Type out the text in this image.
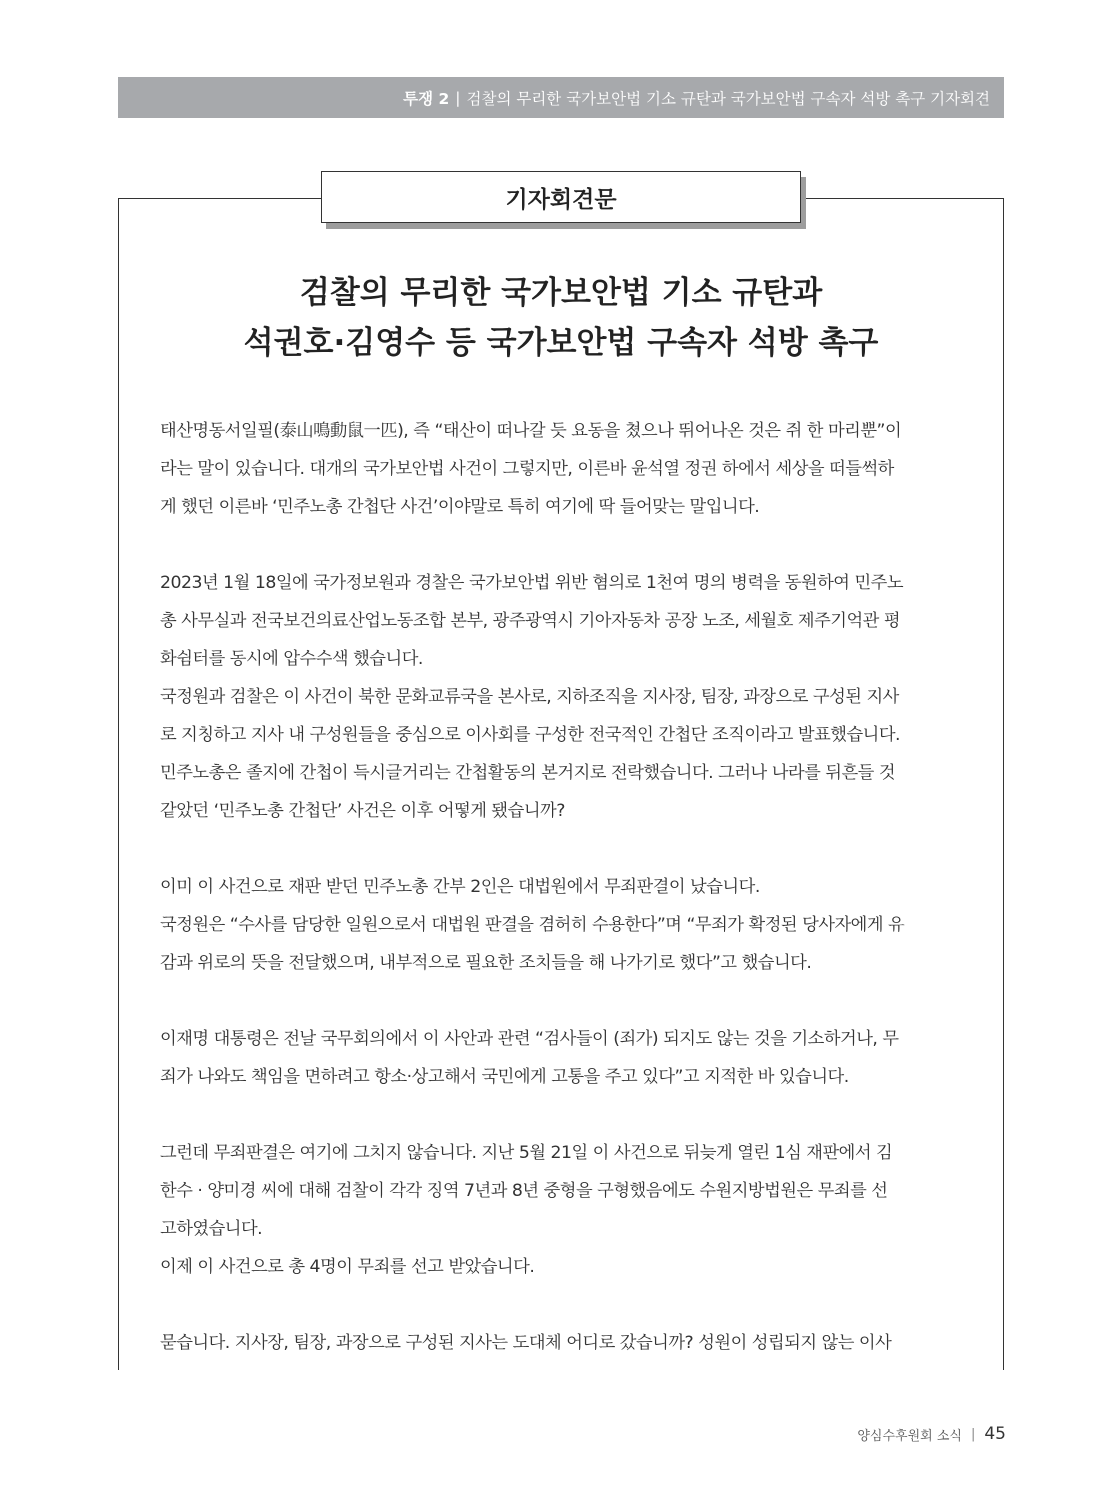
투쟁 2 | 검찰의 무리한 국가보안법 기소 규탄과 국가보안법 구속자 석방 촉구 기자회견
기자회견문
검찰의 무리한 국가보안법 기소 규탄과
석권호·김영수 등 국가보안법 구속자 석방 촉구
태산명동서일필(泰山鳴動鼠一匹), 즉 “태산이 떠나갈 듯 요동을 쳤으나 뛰어나온 것은 쥐 한 마리뿐”이
라는 말이 있습니다. 대개의 국가보안법 사건이 그렇지만, 이른바 윤석열 정권 하에서 세상을 떠들썩하
게 했던 이른바 ‘민주노총 간첩단 사건’이야말로 특히 여기에 딱 들어맞는 말입니다.
2023년 1월 18일에 국가정보원과 경찰은 국가보안법 위반 혐의로 1천여 명의 병력을 동원하여 민주노
총 사무실과 전국보건의료산업노동조합 본부, 광주광역시 기아자동차 공장 노조, 세월호 제주기억관 평
화쉼터를 동시에 압수수색 했습니다.
국정원과 검찰은 이 사건이 북한 문화교류국을 본사로, 지하조직을 지사장, 팀장, 과장으로 구성된 지사
로 지칭하고 지사 내 구성원들을 중심으로 이사회를 구성한 전국적인 간첩단 조직이라고 발표했습니다.
민주노총은 졸지에 간첩이 득시글거리는 간첩활동의 본거지로 전락했습니다. 그러나 나라를 뒤흔들 것
같았던 ‘민주노총 간첩단’ 사건은 이후 어떻게 됐습니까?
이미 이 사건으로 재판 받던 민주노총 간부 2인은 대법원에서 무죄판결이 났습니다.
국정원은 “수사를 담당한 일원으로서 대법원 판결을 겸허히 수용한다”며 “무죄가 확정된 당사자에게 유
감과 위로의 뜻을 전달했으며, 내부적으로 필요한 조치들을 해 나가기로 했다”고 했습니다.
이재명 대통령은 전날 국무회의에서 이 사안과 관련 “검사들이 (죄가) 되지도 않는 것을 기소하거나, 무
죄가 나와도 책임을 면하려고 항소·상고해서 국민에게 고통을 주고 있다”고 지적한 바 있습니다.
그런데 무죄판결은 여기에 그치지 않습니다. 지난 5월 21일 이 사건으로 뒤늦게 열린 1심 재판에서 김
한수 · 양미경 씨에 대해 검찰이 각각 징역 7년과 8년 중형을 구형했음에도 수원지방법원은 무죄를 선
고하였습니다.
이제 이 사건으로 총 4명이 무죄를 선고 받았습니다.
묻습니다. 지사장, 팀장, 과장으로 구성된 지사는 도대체 어디로 갔습니까? 성원이 성립되지 않는 이사
양심수후원회 소식 | 45
